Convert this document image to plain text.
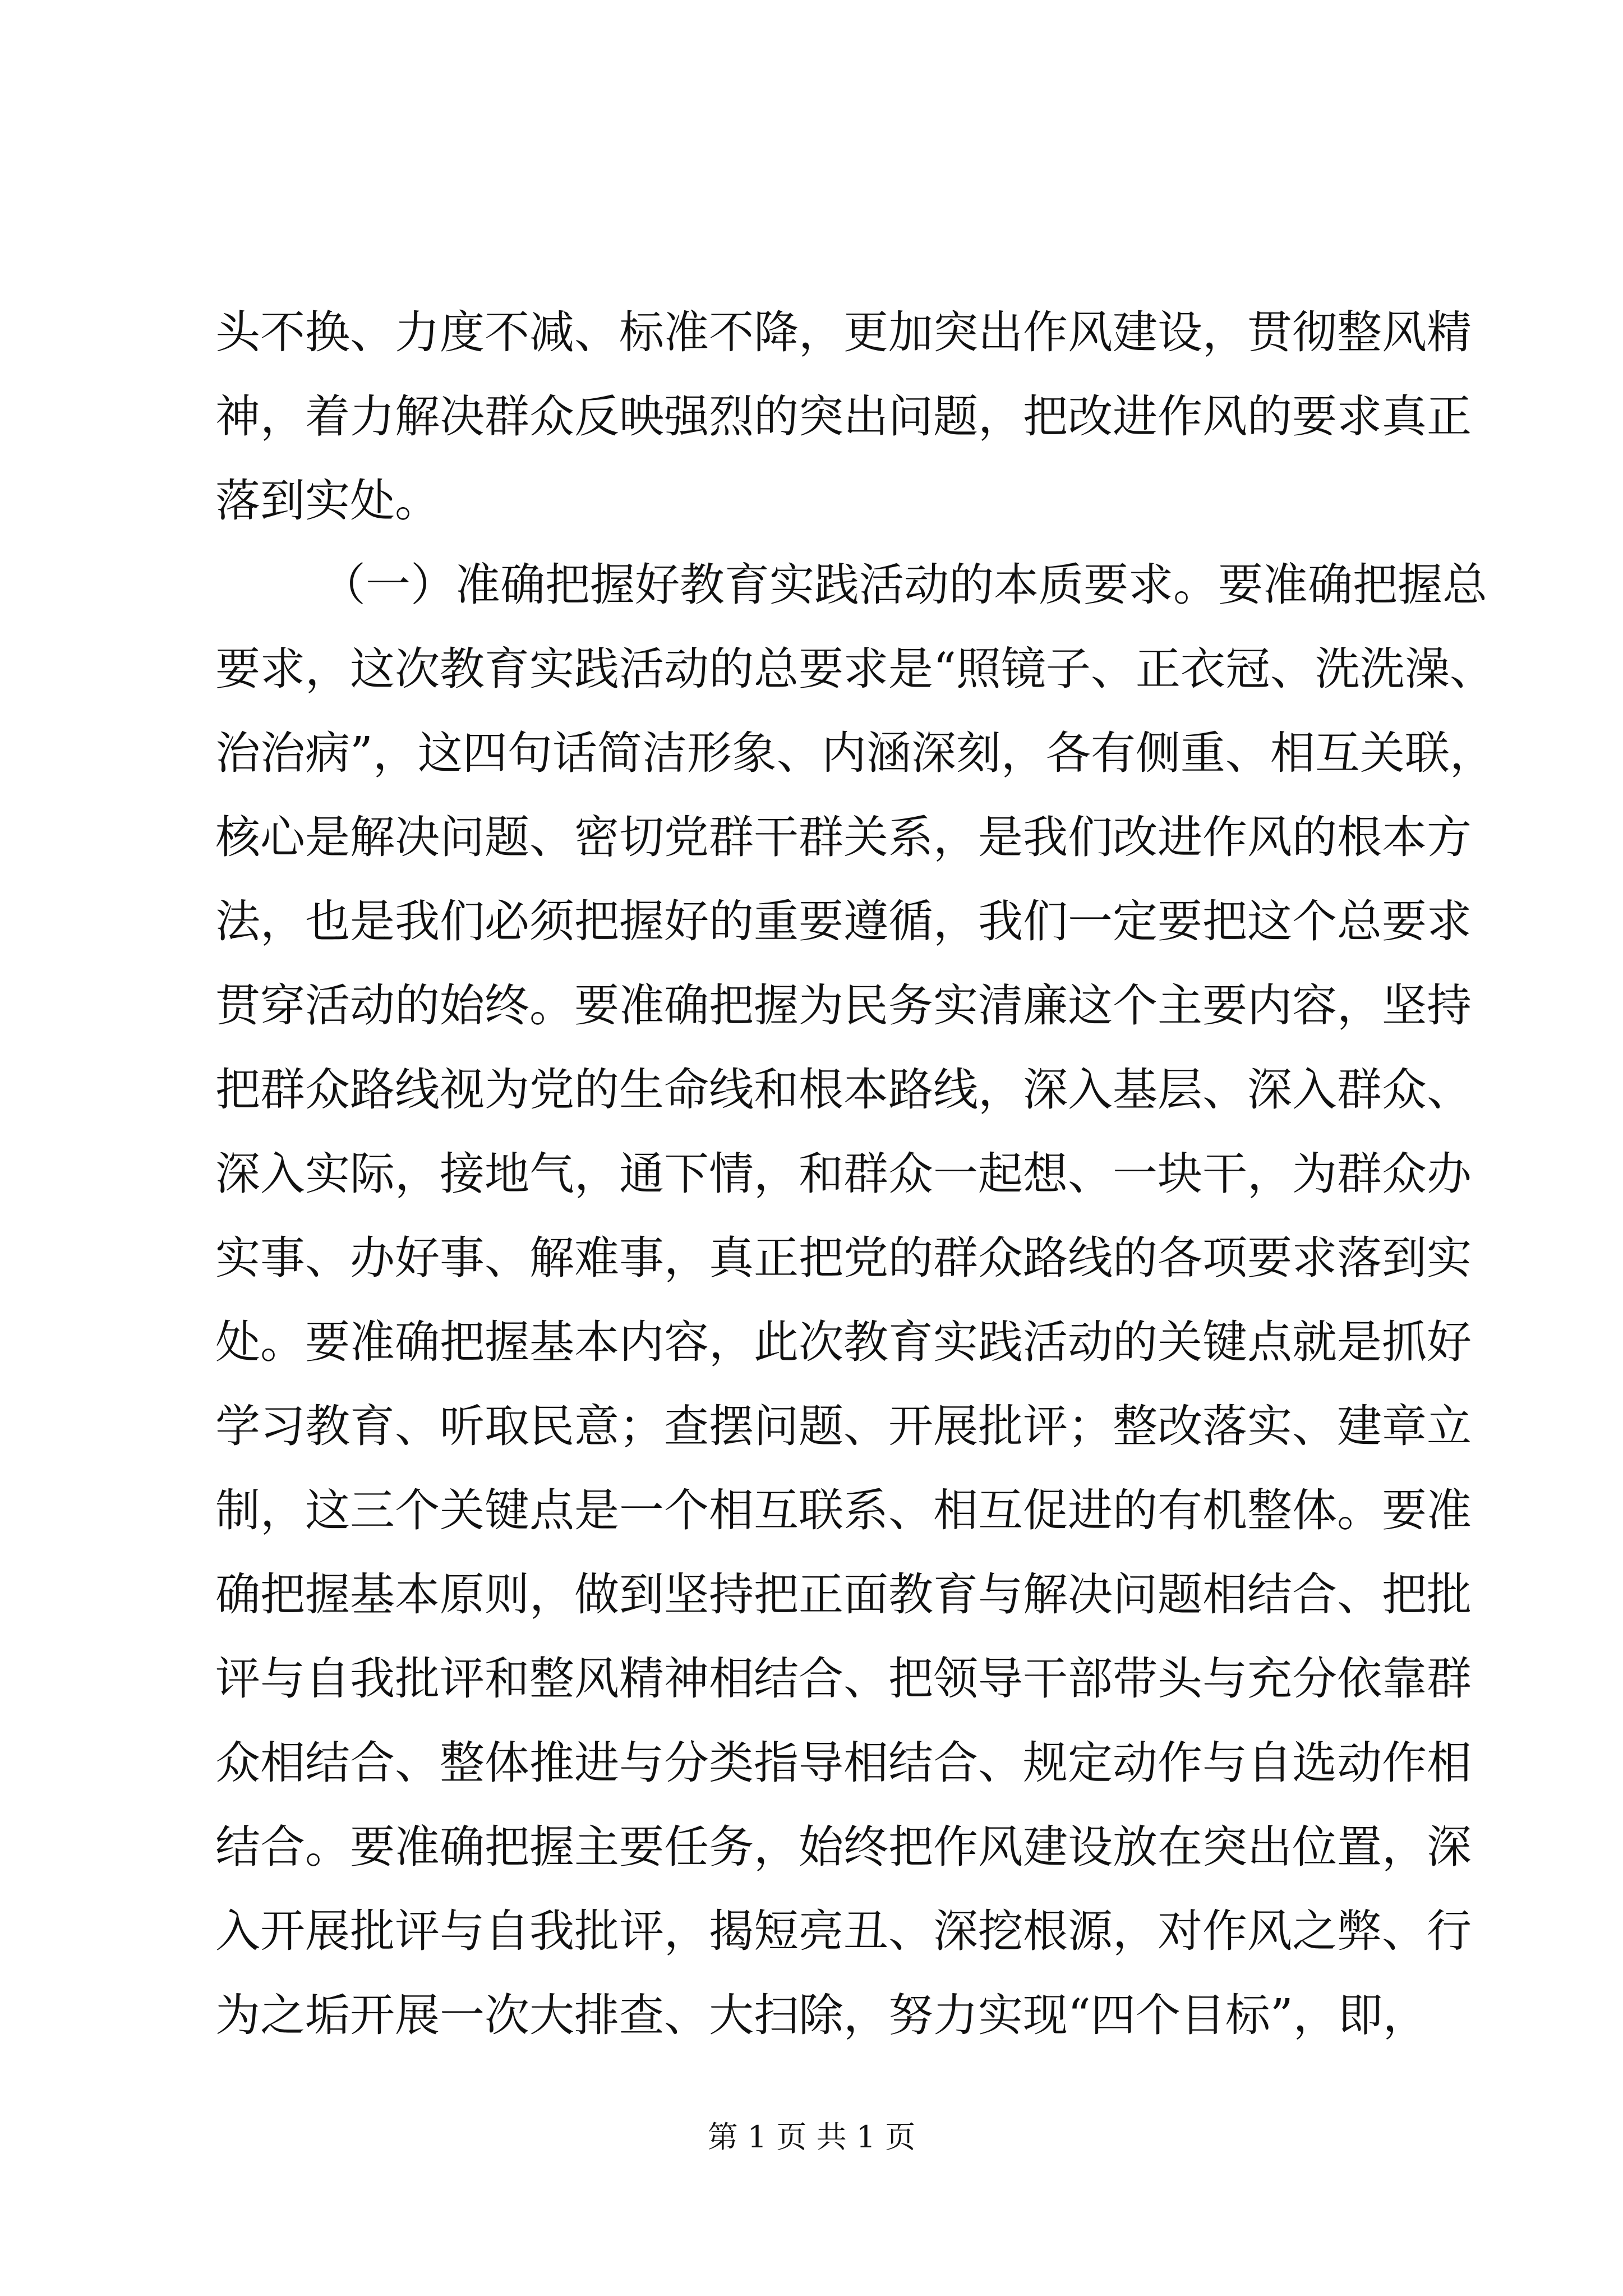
头不换、力度不减、标准不降，更加突出作风建设，贯彻整风精
神，着力解决群众反映强烈的突出问题，把改进作风的要求真正
落到实处。
（一）准确把握好教育实践活动的本质要求。要准确把握总
要求，这次教育实践活动的总要求是“照镜子、正衣冠、洗洗澡、
治治病”，这四句话简洁形象、内涵深刻，各有侧重、相互关联，
核心是解决问题、密切党群干群关系，是我们改进作风的根本方
法，也是我们必须把握好的重要遵循，我们一定要把这个总要求
贯穿活动的始终。要准确把握为民务实清廉这个主要内容，坚持
把群众路线视为党的生命线和根本路线，深入基层、深入群众、
深入实际，接地气，通下情，和群众一起想、一块干，为群众办
实事、办好事、解难事，真正把党的群众路线的各项要求落到实
处。要准确把握基本内容，此次教育实践活动的关键点就是抓好
学习教育、听取民意；查摆问题、开展批评；整改落实、建章立
制，这三个关键点是一个相互联系、相互促进的有机整体。要准
确把握基本原则，做到坚持把正面教育与解决问题相结合、把批
评与自我批评和整风精神相结合、把领导干部带头与充分依靠群
众相结合、整体推进与分类指导相结合、规定动作与自选动作相
结合。要准确把握主要任务，始终把作风建设放在突出位置，深
入开展批评与自我批评，揭短亮丑、深挖根源，对作风之弊、行
为之垢开展一次大排查、大扫除，努力实现“四个目标”，即，
第 1 页 共 1 页
